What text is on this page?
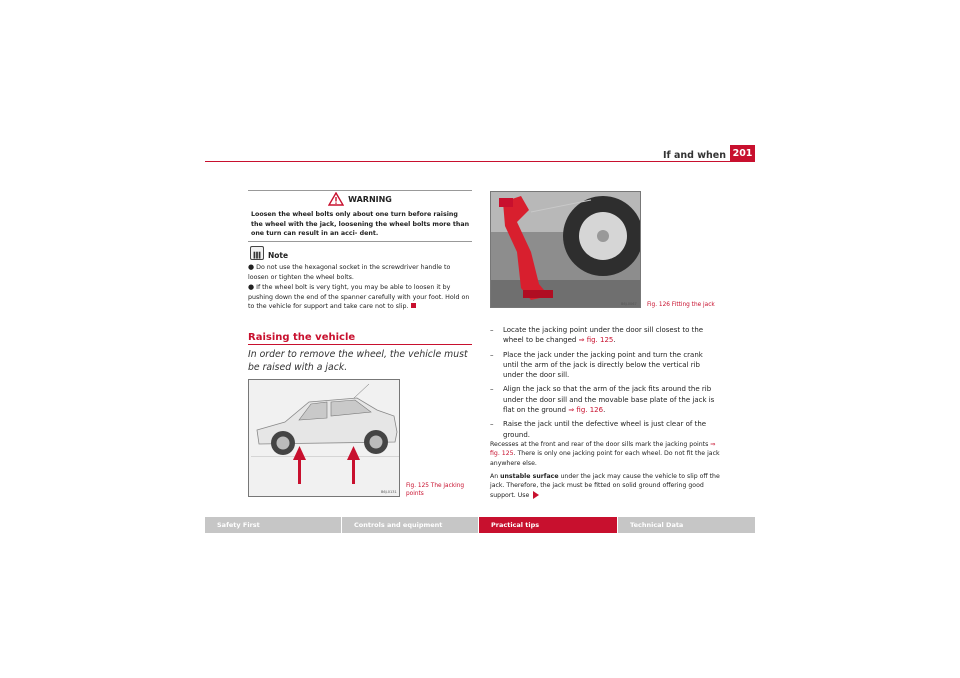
If and when 201
WARNING
Loosen the wheel bolts only about one turn before raising the wheel with the jack, loosening the wheel bolts more than one turn can result in an acci- dent.
Note
● Do not use the hexagonal socket in the screwdriver handle to loosen or tighten the wheel bolts.
● If the wheel bolt is very tight, you may be able to loosen it by pushing down the end of the spanner carefully with your foot. Hold on to the vehicle for support and take care not to slip.
Raising the vehicle
In order to remove the wheel, the vehicle must be raised with a jack.
B6J-0131
Fig. 125 The jacking points
B6J-0067 Fig. 126 Fitting the jack
– Locate the jacking point under the door sill closest to the wheel to be changed ⇒ fig. 125.
– Place the jack under the jacking point and turn the crank until the arm of the jack is directly below the vertical rib under the door sill.
– Align the jack so that the arm of the jack fits around the rib under the door sill and the movable base plate of the jack is flat on the ground ⇒ fig. 126.
– Raise the jack until the defective wheel is just clear of the ground.
Recesses at the front and rear of the door sills mark the jacking points ⇒ fig. 125. There is only one jacking point for each wheel. Do not fit the jack anywhere else.
An unstable surface under the jack may cause the vehicle to slip off the jack. Therefore, the jack must be fitted on solid ground offering good support. Use
Safety First	Controls and equipment	Practical tips	Technical Data
